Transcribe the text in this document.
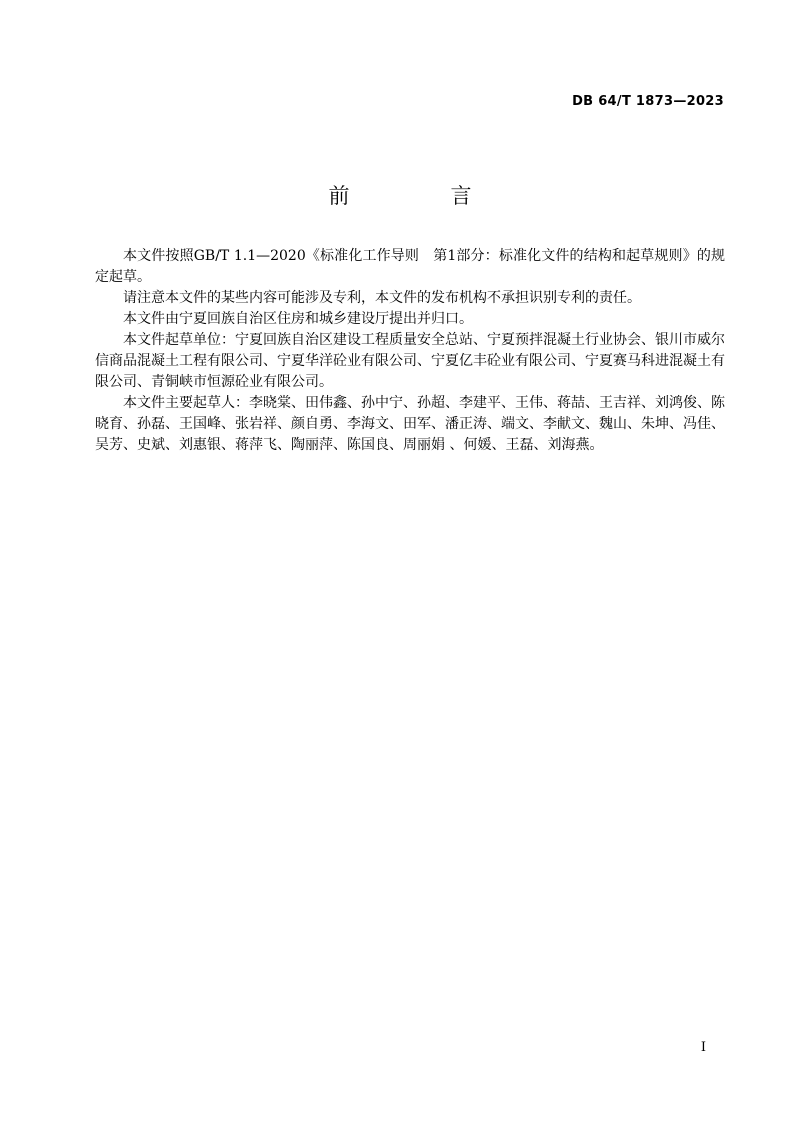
DB 64/T 1873—2023
前　言

本文件按照GB/T 1.1—2020《标准化工作导则　第1部分：标准化文件的结构和起草规则》的规定起草。

请注意本文件的某些内容可能涉及专利，本文件的发布机构不承担识别专利的责任。

本文件由宁夏回族自治区住房和城乡建设厅提出并归口。

本文件起草单位：宁夏回族自治区建设工程质量安全总站、宁夏预拌混凝土行业协会、银川市威尔信商品混凝土工程有限公司、宁夏华洋砼业有限公司、宁夏亿丰砼业有限公司、宁夏赛马科进混凝土有限公司、青铜峡市恒源砼业有限公司。

本文件主要起草人：李晓棠、田伟鑫、孙中宁、孙超、李建平、王伟、蒋喆、王吉祥、刘鸿俊、陈晓育、孙磊、王国峰、张岩祥、颜自勇、李海文、田军、潘正涛、端文、李献文、魏山、朱坤、冯佳、吴芳、史斌、刘惠银、蒋萍飞、陶丽萍、陈国良、周丽娟 、何媛、王磊、刘海燕。

I
